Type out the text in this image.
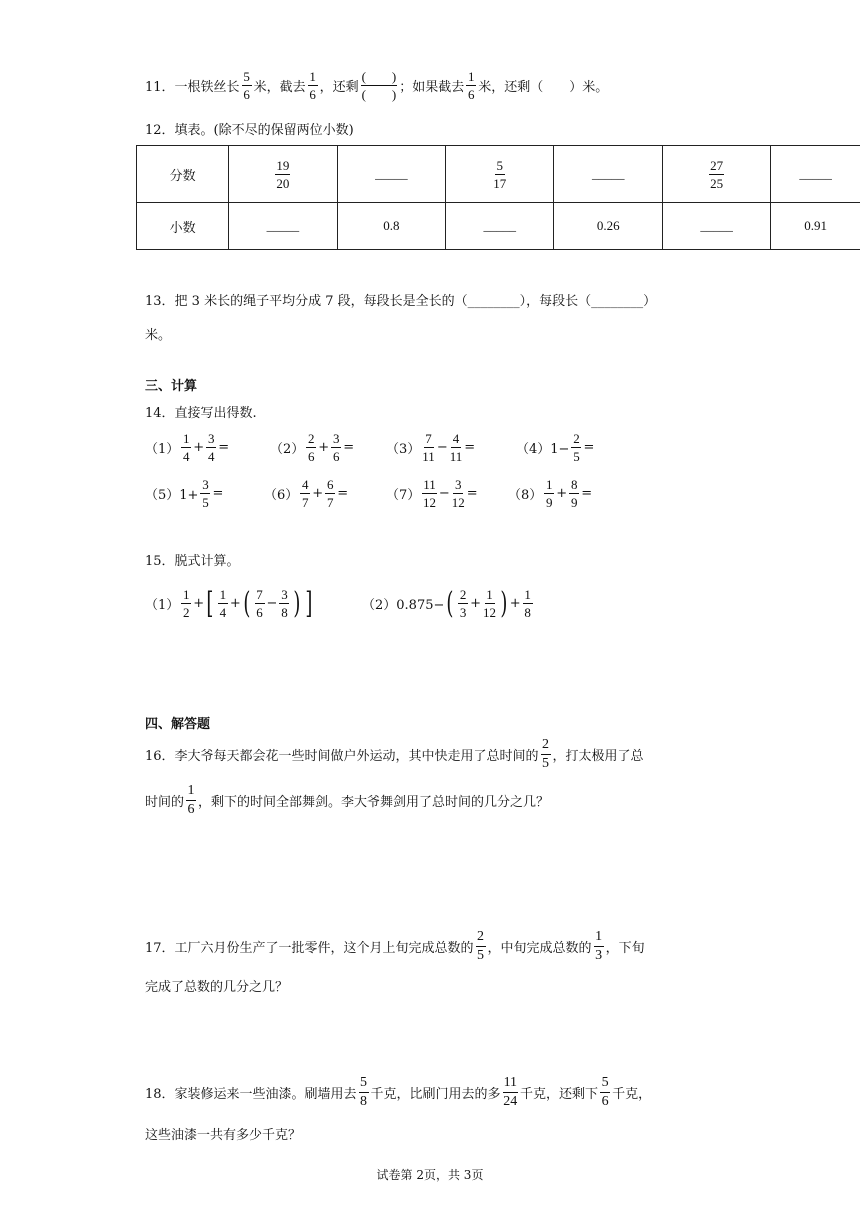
11． 一根铁丝长 $\frac{5}{6}$ 米，截去 $\frac{1}{6}$ ，还剩 $\frac{( )}{( )}$ ；如果截去 $\frac{1}{6}$ 米，还剩（　　）米。
12．填表。(除不尽的保留两位小数)
分数	$\frac{19}{20}$	_____	$\frac{5}{17}$	_____	$\frac{27}{25}$	_____
小数	_____	0.8	_____	0.26	_____	0.91
13．把 3 米长的绳子平均分成 7 段，每段长是全长的（________），每段长（________）
米。
三、计算
14．直接写出得数.
$(1) \frac{1}{4} + \frac{3}{4}$ =	$(2) \frac{2}{6} + \frac{3}{6} = (3) \frac{7}{11} - \frac{4}{11}$ =	$(4)1- \frac{2}{5}$ =
$(5)1+ \frac{3}{5}$ =	$(6) \frac{4}{7} + \frac{6}{7}$ =	$(7) \frac{11}{12} - \frac{3}{12} = (8) \frac{1}{9} + \frac{8}{9}$ =
15．脱式计算。
$(1) \frac{1}{2}$ + [ $\frac{1}{4}$ + ( $\frac{7}{6} - \frac{3}{8}$ ) ]	（2）0.875− ( $\frac{2}{3} + \frac{1}{12}$ ) + $\frac{1}{8}$
四、解答题
16．李大爷每天都会花一些时间做户外运动，其中快走用了总时间的 $\frac{2}{5}$ ，打太极用了总
时间的 $\frac{1}{6}$ ，剩下的时间全部舞剑。李大爷舞剑用了总时间的几分之几？
17．工厂六月份生产了一批零件，这个月上旬完成总数的 $\frac{2}{5}$ ，中旬完成总数的 $\frac{1}{3}$ ，下旬
完成了总数的几分之几？
18．家装修运来一些油漆。刷墙用去 $\frac{5}{8}$ 千克，比刷门用去的多 $\frac{11}{24}$ 千克，还剩下 $\frac{5}{6}$ 千克，
这些油漆一共有多少千克？
试卷第 2页，共 3页
